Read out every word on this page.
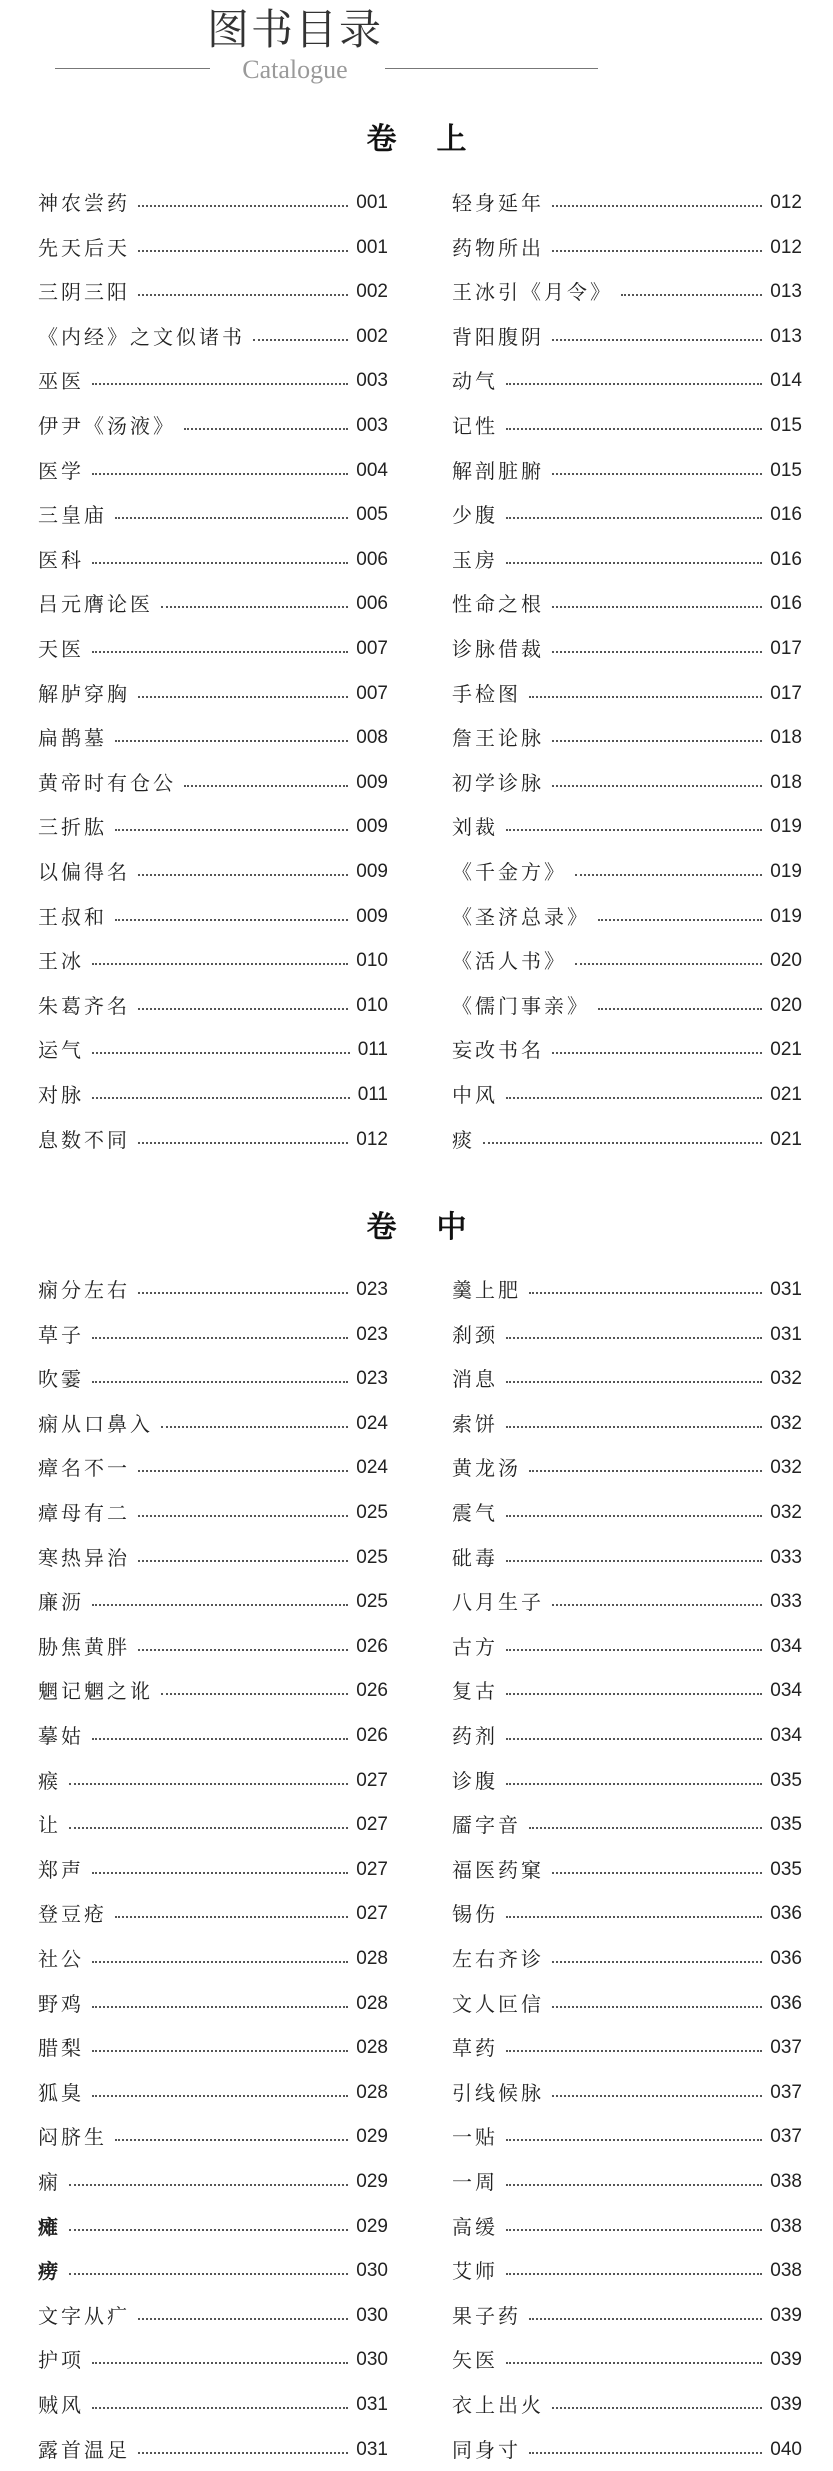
图书目录
Catalogue
卷上
神农尝药	001
先天后天	001
三阴三阳	002
《内经》之文似诸书	002
巫医	003
伊尹《汤液》	003
医学	004
三皇庙	005
医科	006
吕元膺论医	006
天医	007
解胪穿胸	007
扁鹊墓	008
黄帝时有仓公	009
三折肱	009
以偏得名	009
王叔和	009
王冰	010
朱葛齐名	010
运气	011
对脉	011
息数不同	012
轻身延年	012
药物所出	012
王冰引《月令》	013
背阳腹阴	013
动气	014
记性	015
解剖脏腑	015
少腹	016
玉房	016
性命之根	016
诊脉借裁	017
手检图	017
詹王论脉	018
初学诊脉	018
刘裁	019
《千金方》	019
《圣济总录》	019
《活人书》	020
《儒门事亲》	020
妄改书名	021
中风	021
痰	021
卷中
痫分左右	023
草子	023
吹霎	023
痫从口鼻入	024
瘴名不一	024
瘴母有二	025
寒热异治	025
廉沥	025
胁焦黄胖	026
魍记魍之讹	026
摹姑	026
瘊	027
让	027
郑声	027
登豆疮	027
社公	028
野鸡	028
腊梨	028
狐臭	028
闷脐生	029
痫	029
瘫	029
痨	030
文字从疒	030
护项	030
贼风	031
露首温足	031
羹上肥	031
刹颈	031
消息	032
索饼	032
黄龙汤	032
震气	032
砒毒	033
八月生子	033
古方	034
复古	034
药剂	034
诊腹	035
靥字音	035
福医药窠	035
锡伤	036
左右齐诊	036
文人叵信	036
草药	037
引线候脉	037
一贴	037
一周	038
高缓	038
艾师	038
果子药	039
矢医	039
衣上出火	039
同身寸	040
